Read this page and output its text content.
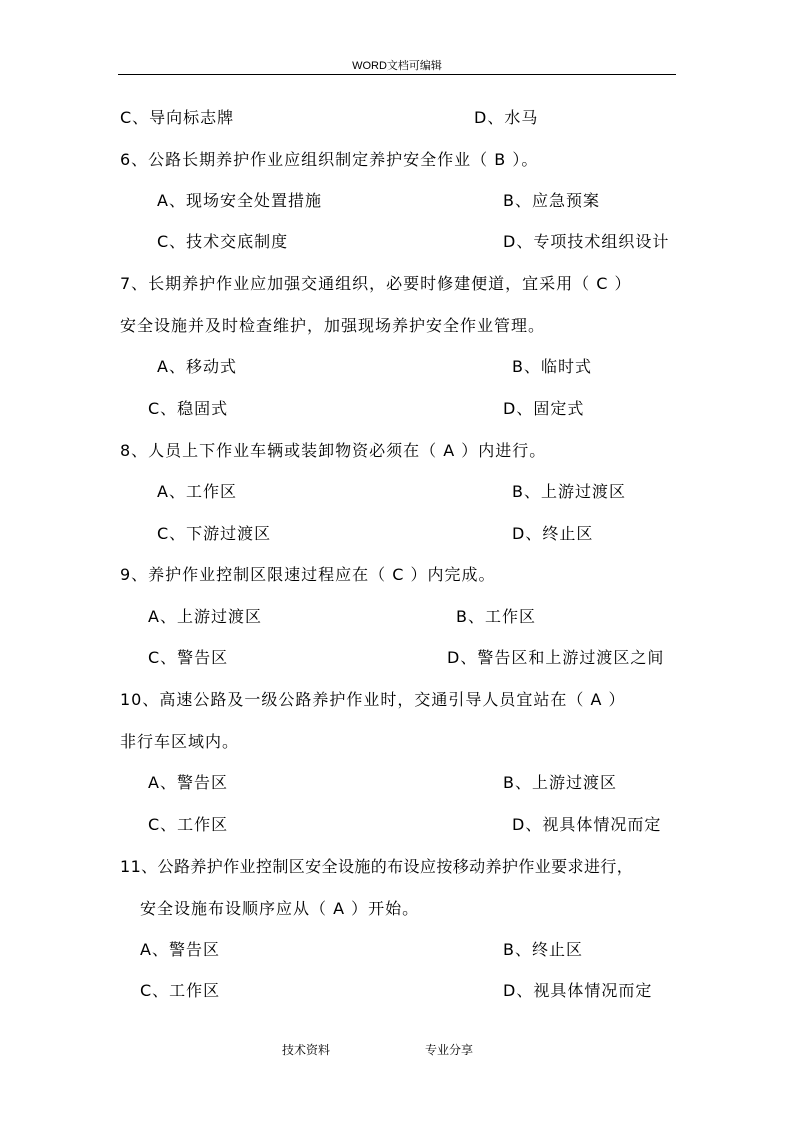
WORD文档可编辑
C、导向标志牌	D、水马
6、公路长期养护作业应组织制定养护安全作业（ B ）。
A、现场安全处置措施	B、应急预案
C、技术交底制度	D、专项技术组织设计
7、长期养护作业应加强交通组织，必要时修建便道，宜采用（ C ）
安全设施并及时检查维护，加强现场养护安全作业管理。
A、移动式	B、临时式
C、稳固式	D、固定式
8、人员上下作业车辆或装卸物资必须在（ A ）内进行。
A、工作区	B、上游过渡区
C、下游过渡区	D、终止区
9、养护作业控制区限速过程应在（ C ）内完成。
A、上游过渡区	B、工作区
C、警告区	D、警告区和上游过渡区之间
10、高速公路及一级公路养护作业时，交通引导人员宜站在（ A ）
非行车区域内。
A、警告区	B、上游过渡区
C、工作区	D、视具体情况而定
11、公路养护作业控制区安全设施的布设应按移动养护作业要求进行，
安全设施布设顺序应从（ A ）开始。
A、警告区	B、终止区
C、工作区	D、视具体情况而定
技术资料	专业分享
